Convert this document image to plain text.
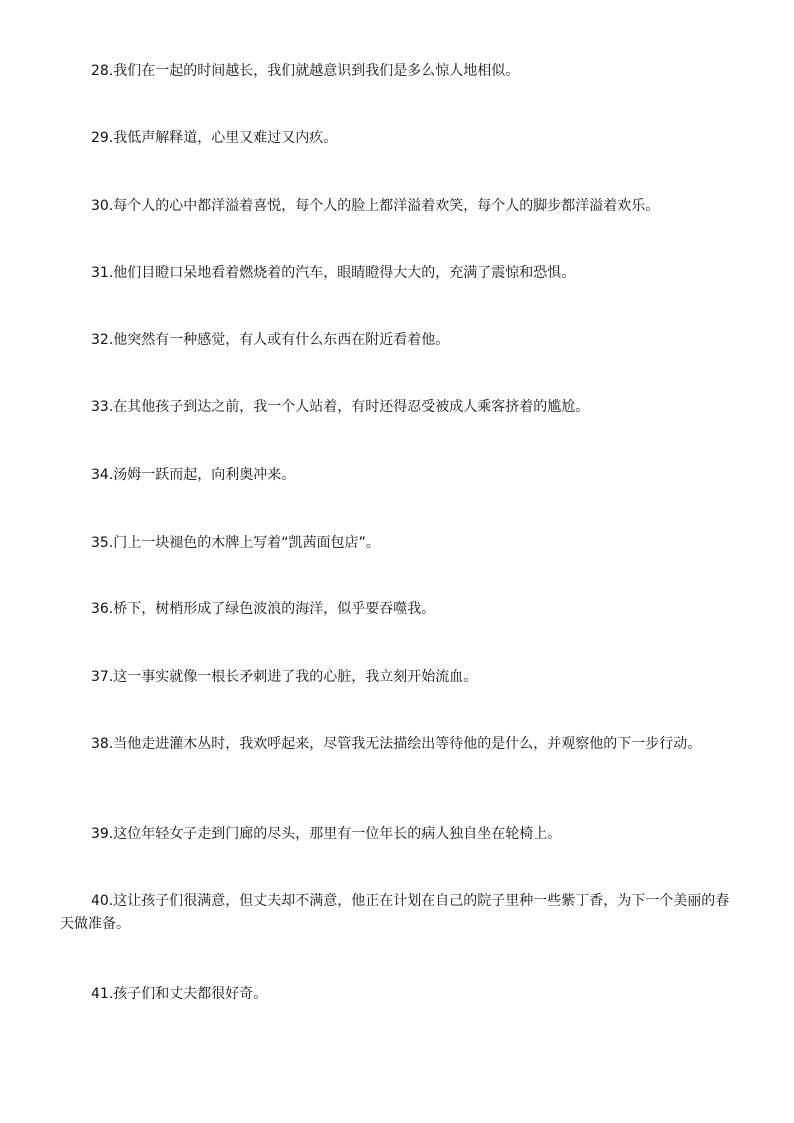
28.我们在一起的时间越长，我们就越意识到我们是多么惊人地相似。

29.我低声解释道，心里又难过又内疚。

30.每个人的心中都洋溢着喜悦，每个人的脸上都洋溢着欢笑，每个人的脚步都洋溢着欢乐。

31.他们目瞪口呆地看着燃烧着的汽车，眼睛瞪得大大的，充满了震惊和恐惧。

32.他突然有一种感觉，有人或有什么东西在附近看着他。

33.在其他孩子到达之前，我一个人站着，有时还得忍受被成人乘客挤着的尴尬。

34.汤姆一跃而起，向利奥冲来。

35.门上一块褪色的木牌上写着“凯茜面包店”。

36.桥下，树梢形成了绿色波浪的海洋，似乎要吞噬我。

37.这一事实就像一根长矛刺进了我的心脏，我立刻开始流血。

38.当他走进灌木丛时，我欢呼起来，尽管我无法描绘出等待他的是什么，并观察他的下一步行动。

39.这位年轻女子走到门廊的尽头，那里有一位年长的病人独自坐在轮椅上。

40.这让孩子们很满意，但丈夫却不满意，他正在计划在自己的院子里种一些紫丁香，为下一个美丽的春天做准备。

41.孩子们和丈夫都很好奇。
